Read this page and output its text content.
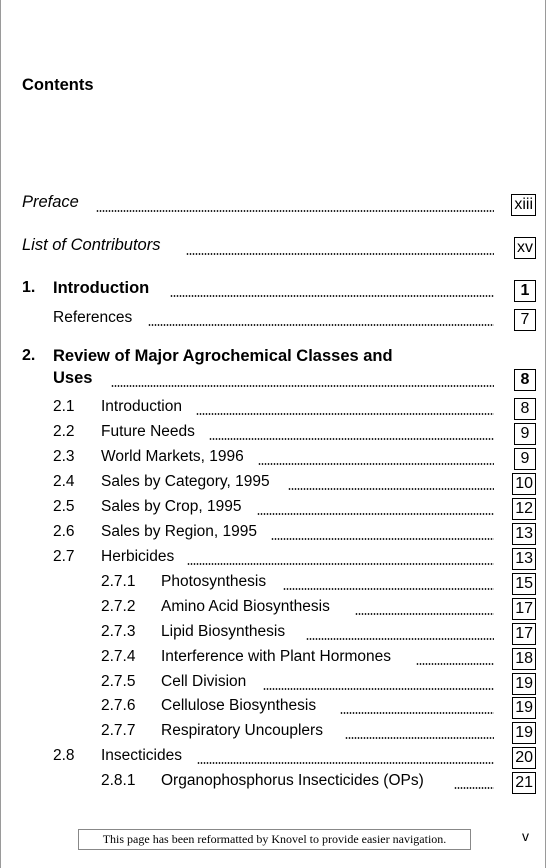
Contents
Preface	xiii
List of Contributors	xv
1. Introduction	1
References	7
2. Review of Major Agrochemical Classes and
Uses	8
2.1 Introduction	8
2.2 Future Needs	9
2.3 World Markets, 1996	9
2.4 Sales by Category, 1995	10
2.5 Sales by Crop, 1995	12
2.6 Sales by Region, 1995	13
2.7 Herbicides	13
2.7.1 Photosynthesis	15
2.7.2 Amino Acid Biosynthesis	17
2.7.3 Lipid Biosynthesis	17
2.7.4 Interference with Plant Hormones	18
2.7.5 Cell Division	19
2.7.6 Cellulose Biosynthesis	19
2.7.7 Respiratory Uncouplers	19
2.8 Insecticides	20
2.8.1 Organophosphorus Insecticides (OPs)	21
This page has been reformatted by Knovel to provide easier navigation.	v
